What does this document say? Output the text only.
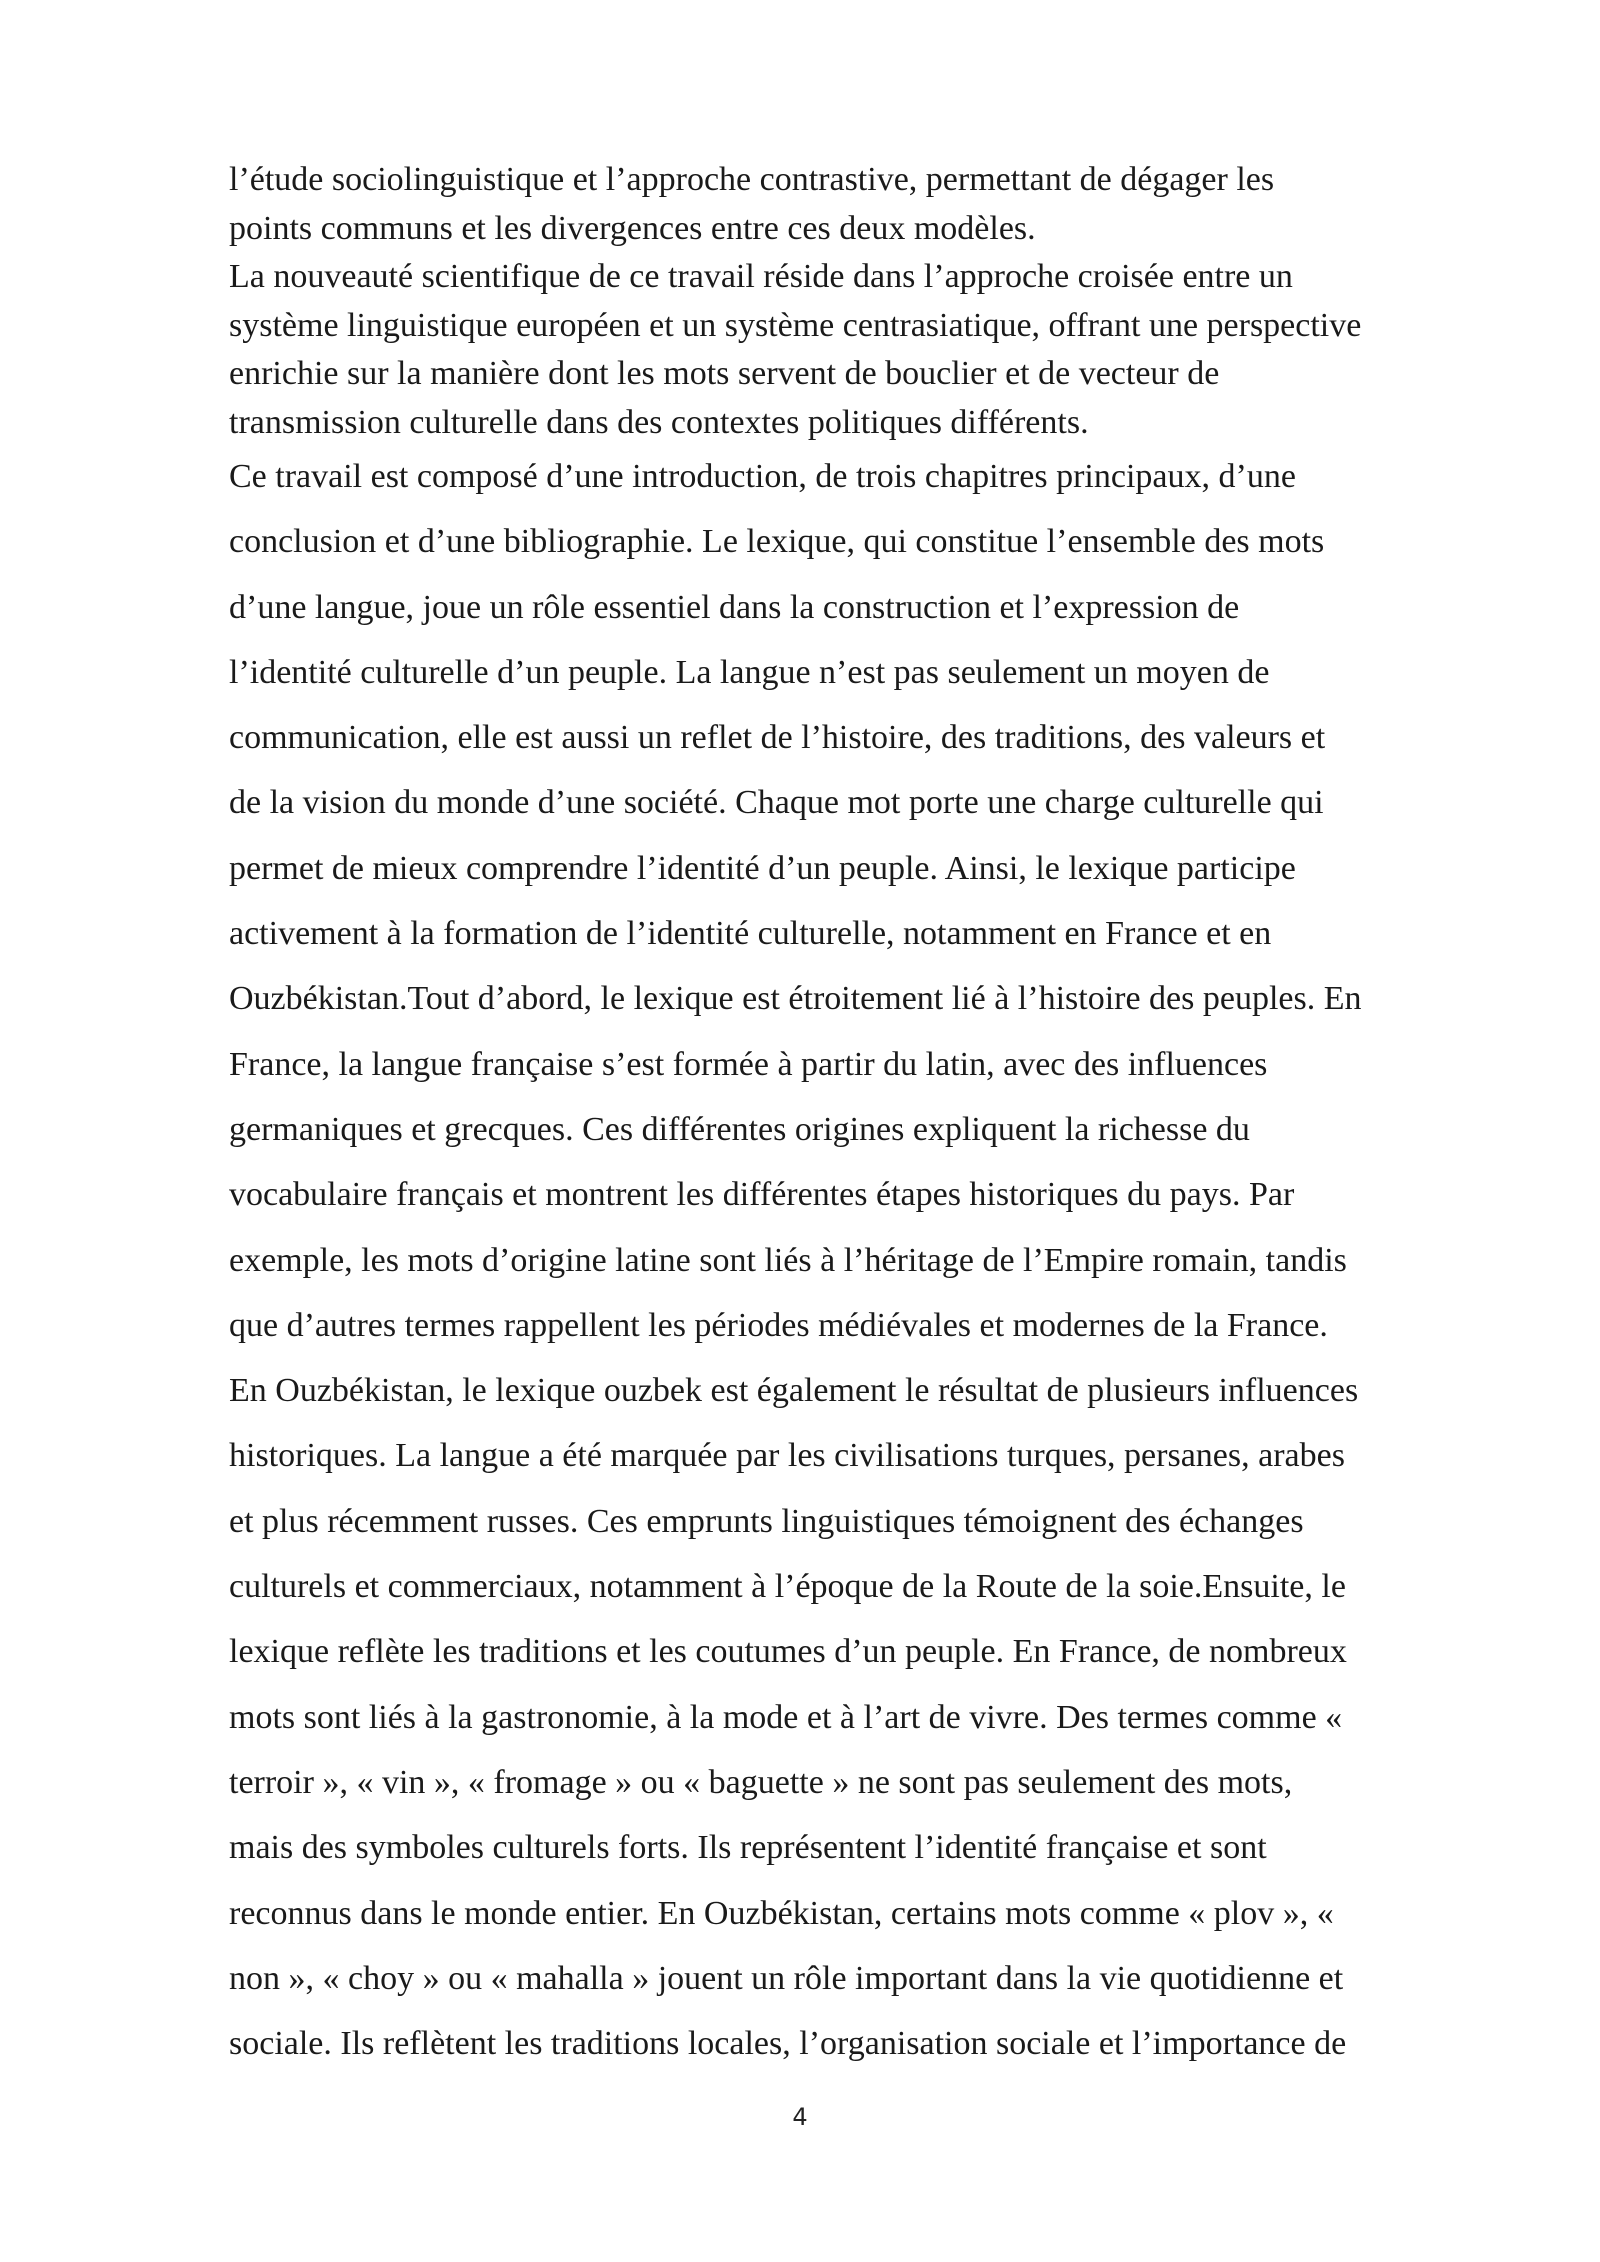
l’étude sociolinguistique et l’approche contrastive, permettant de dégager les
points communs et les divergences entre ces deux modèles.
La nouveauté scientifique de ce travail réside dans l’approche croisée entre un
système linguistique européen et un système centrasiatique, offrant une perspective
enrichie sur la manière dont les mots servent de bouclier et de vecteur de
transmission culturelle dans des contextes politiques différents.
Ce travail est composé d’une introduction, de trois chapitres principaux, d’une
conclusion et d’une bibliographie. Le lexique, qui constitue l’ensemble des mots
d’une langue, joue un rôle essentiel dans la construction et l’expression de
l’identité culturelle d’un peuple. La langue n’est pas seulement un moyen de
communication, elle est aussi un reflet de l’histoire, des traditions, des valeurs et
de la vision du monde d’une société. Chaque mot porte une charge culturelle qui
permet de mieux comprendre l’identité d’un peuple. Ainsi, le lexique participe
activement à la formation de l’identité culturelle, notamment en France et en
Ouzbékistan.Tout d’abord, le lexique est étroitement lié à l’histoire des peuples. En
France, la langue française s’est formée à partir du latin, avec des influences
germaniques et grecques. Ces différentes origines expliquent la richesse du
vocabulaire français et montrent les différentes étapes historiques du pays. Par
exemple, les mots d’origine latine sont liés à l’héritage de l’Empire romain, tandis
que d’autres termes rappellent les périodes médiévales et modernes de la France.
En Ouzbékistan, le lexique ouzbek est également le résultat de plusieurs influences
historiques. La langue a été marquée par les civilisations turques, persanes, arabes
et plus récemment russes. Ces emprunts linguistiques témoignent des échanges
culturels et commerciaux, notamment à l’époque de la Route de la soie.Ensuite, le
lexique reflète les traditions et les coutumes d’un peuple. En France, de nombreux
mots sont liés à la gastronomie, à la mode et à l’art de vivre. Des termes comme «
terroir », « vin », « fromage » ou « baguette » ne sont pas seulement des mots,
mais des symboles culturels forts. Ils représentent l’identité française et sont
reconnus dans le monde entier. En Ouzbékistan, certains mots comme « plov », «
non », « choy » ou « mahalla » jouent un rôle important dans la vie quotidienne et
sociale. Ils reflètent les traditions locales, l’organisation sociale et l’importance de
4
